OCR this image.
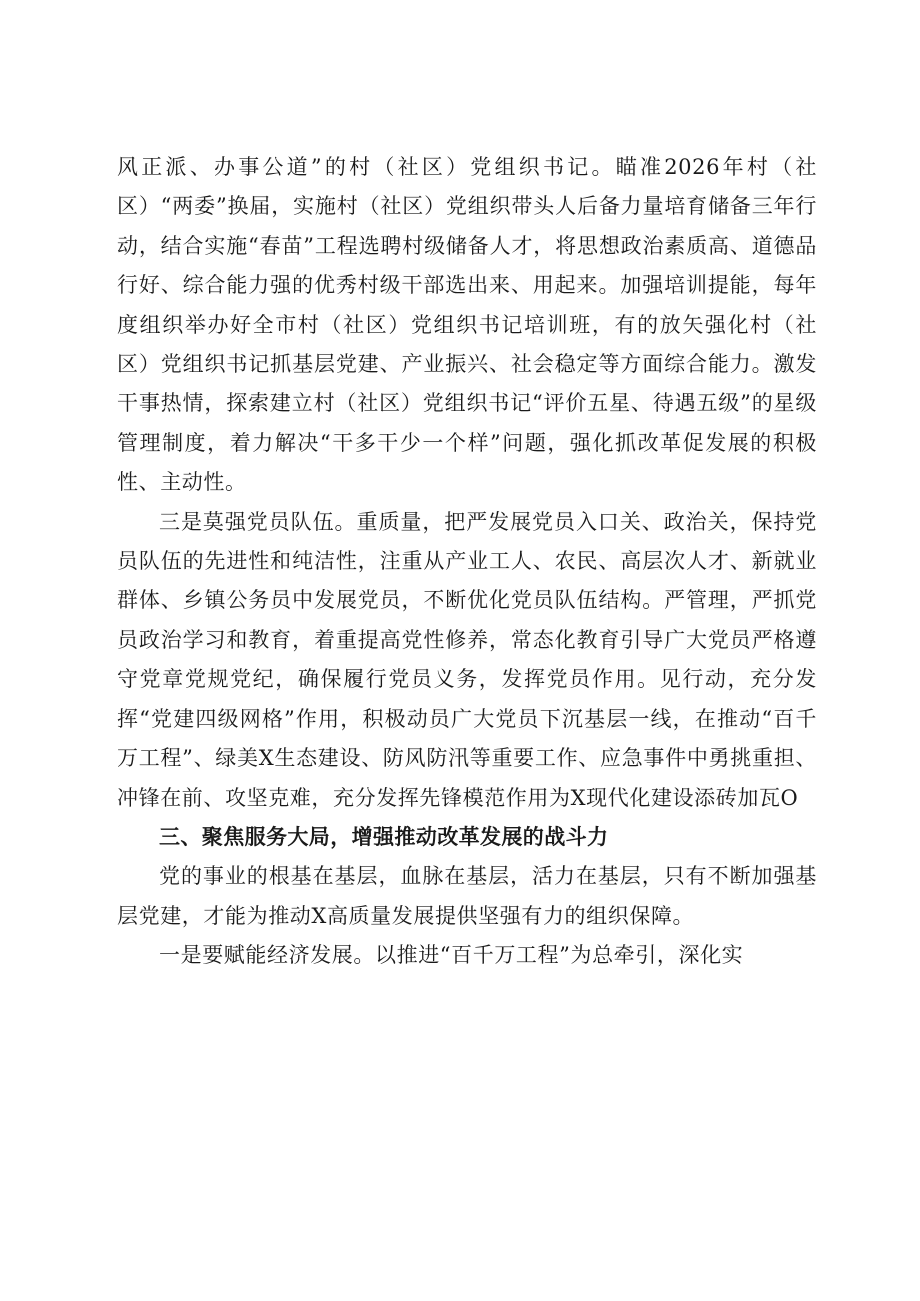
风正派、办事公道”的村（社区）党组织书记。瞄准2026年村（社区）“两委”换届，实施村（社区）党组织带头人后备力量培育储备三年行动，结合实施“春苗”工程选聘村级储备人才，将思想政治素质高、道德品行好、综合能力强的优秀村级干部选出来、用起来。加强培训提能，每年度组织举办好全市村（社区）党组织书记培训班，有的放矢强化村（社区）党组织书记抓基层党建、产业振兴、社会稳定等方面综合能力。激发干事热情，探索建立村（社区）党组织书记“评价五星、待遇五级”的星级管理制度，着力解决“干多干少一个样”问题，强化抓改革促发展的积极性、主动性。

三是莫强党员队伍。重质量，把严发展党员入口关、政治关，保持党员队伍的先进性和纯洁性，注重从产业工人、农民、高层次人才、新就业群体、乡镇公务员中发展党员，不断优化党员队伍结构。严管理，严抓党员政治学习和教育，着重提高党性修养，常态化教育引导广大党员严格遵守党章党规党纪，确保履行党员义务，发挥党员作用。见行动，充分发挥“党建四级网格”作用，积极动员广大党员下沉基层一线，在推动“百千万工程”、绿美X生态建设、防风防汛等重要工作、应急事件中勇挑重担、冲锋在前、攻坚克难，充分发挥先锋模范作用为X现代化建设添砖加瓦O

三、聚焦服务大局，增强推动改革发展的战斗力

党的事业的根基在基层，血脉在基层，活力在基层，只有不断加强基层党建，才能为推动X高质量发展提供坚强有力的组织保障。

一是要赋能经济发展。以推进“百千万工程”为总牵引，深化实
